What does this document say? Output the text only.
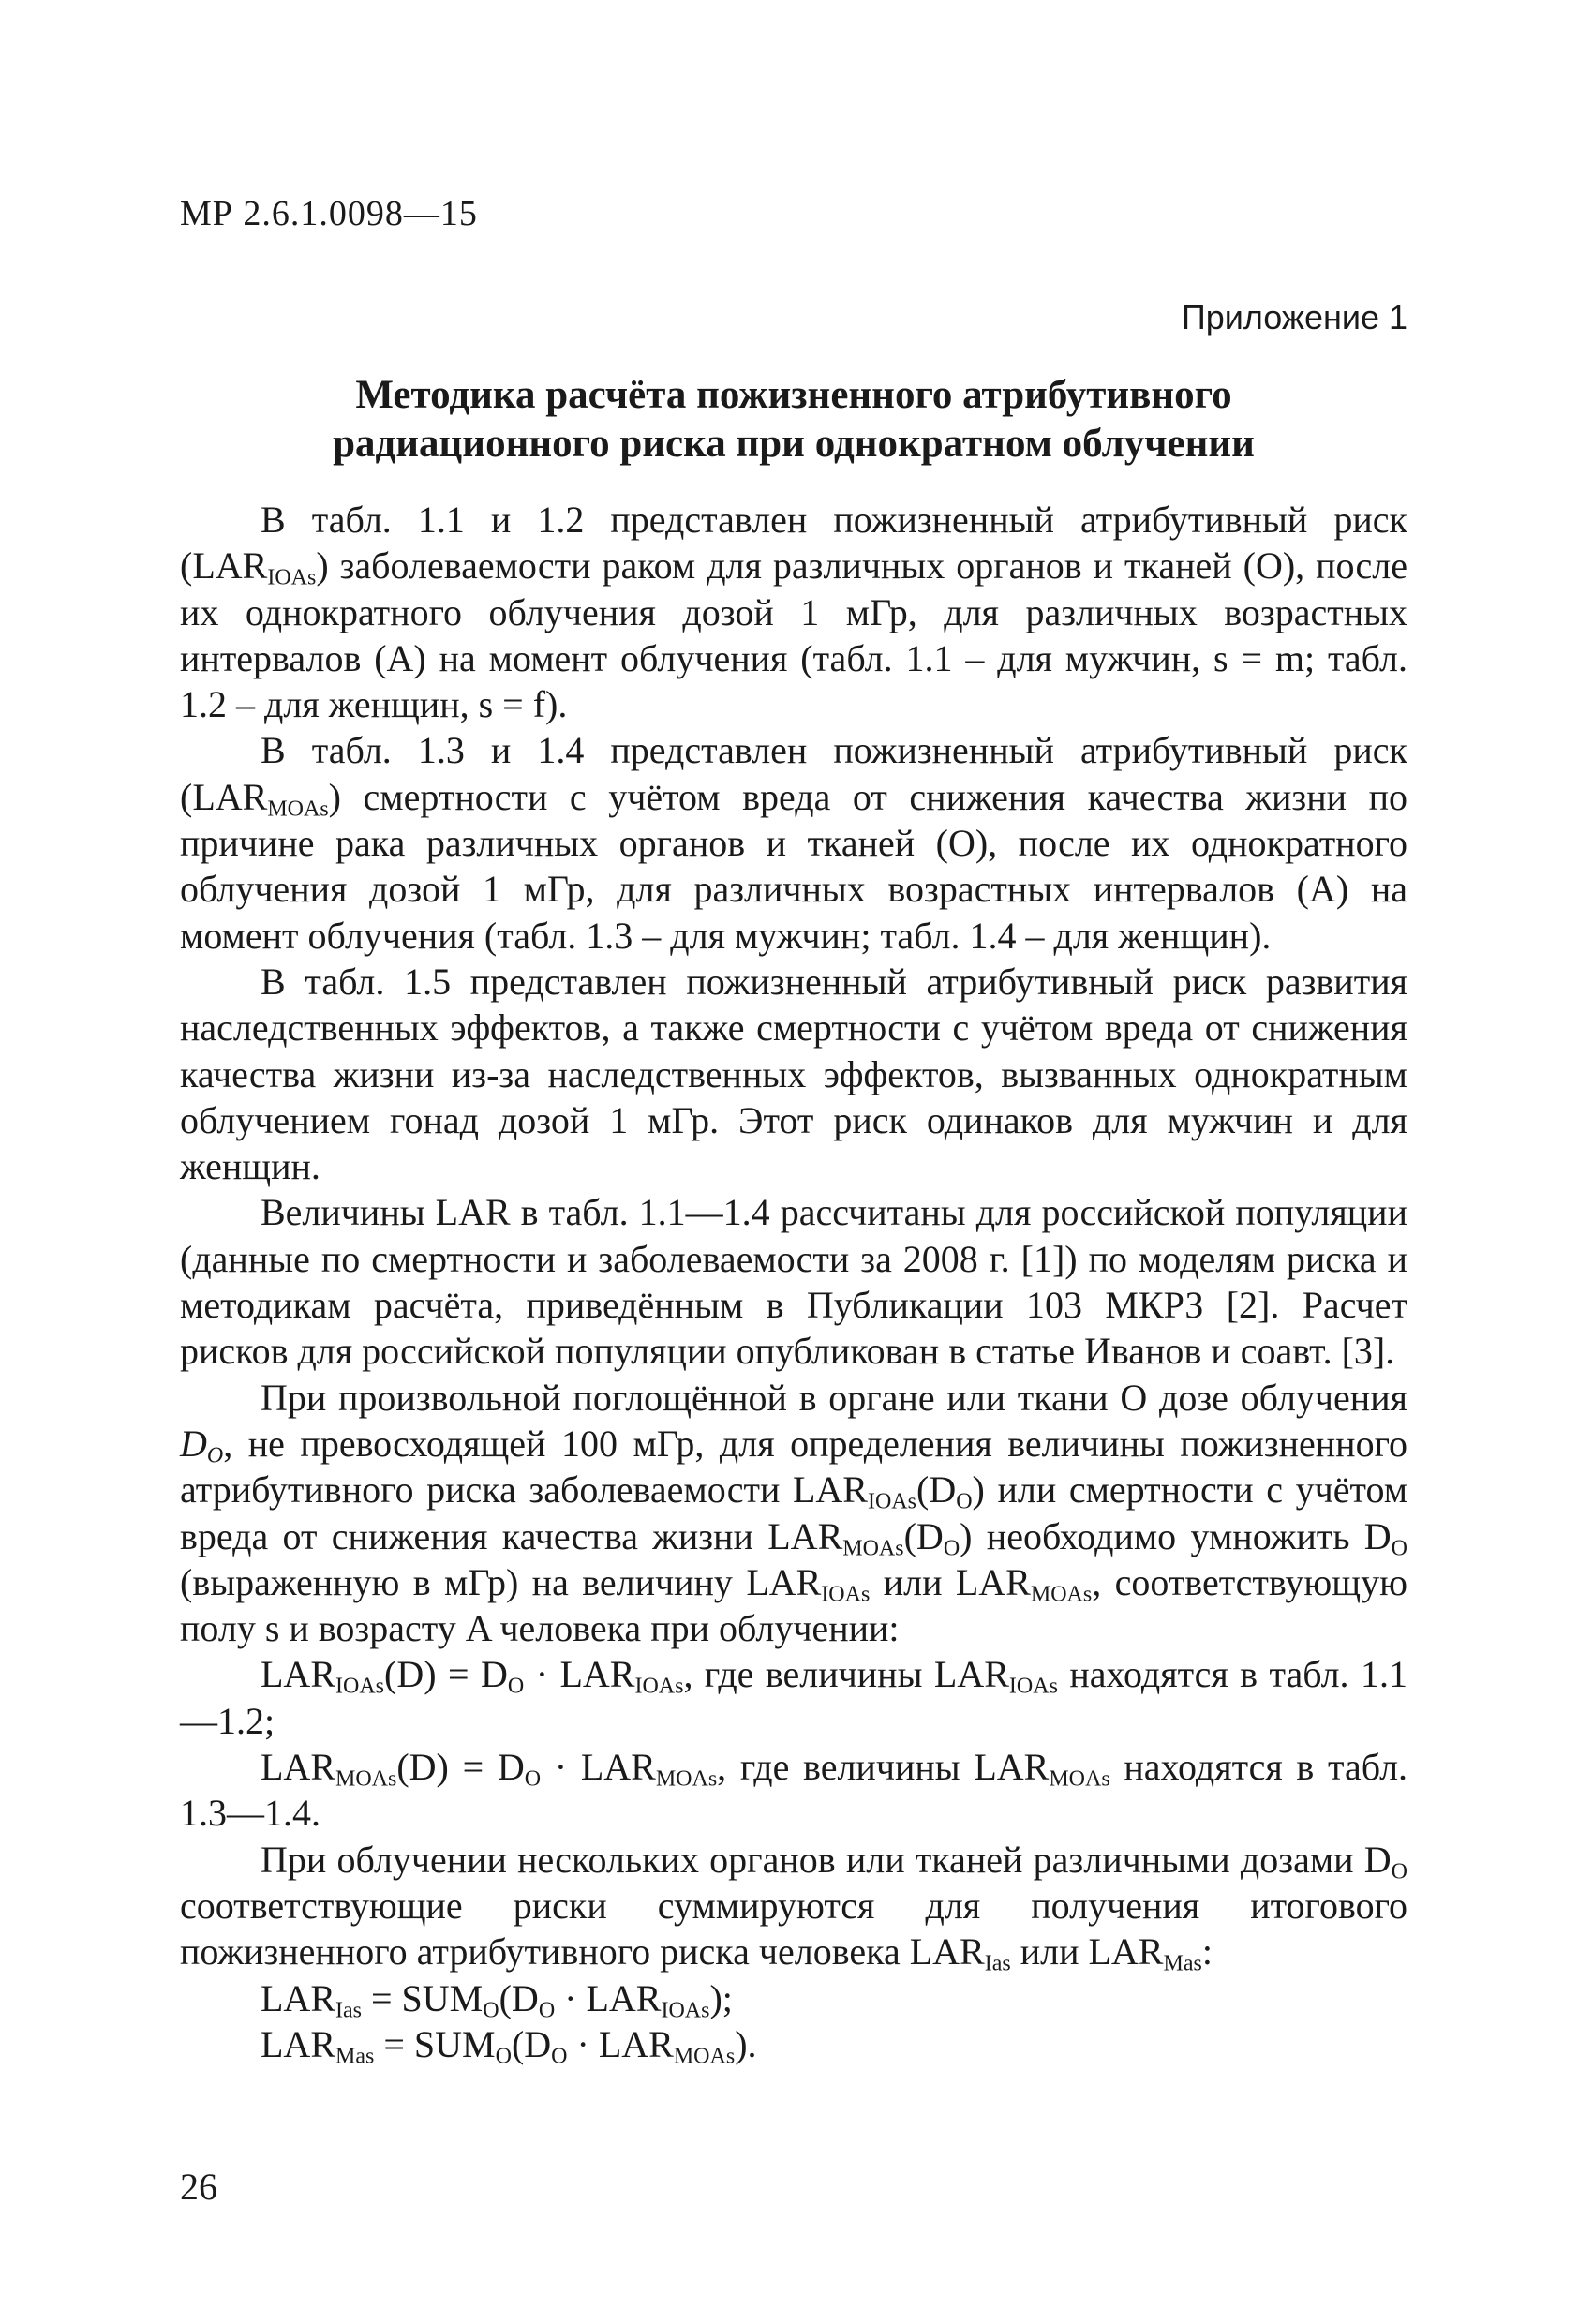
МР 2.6.1.0098—15
Приложение 1
Методика расчёта пожизненного атрибутивного
радиационного риска при однократном облучении

В табл. 1.1 и 1.2 представлен пожизненный атрибутивный риск $(LAR_{IOAs})$ заболеваемости раком для различных органов и тканей (O), после их однократного облучения дозой 1 мГр, для различных возрастных интервалов (A) на момент облучения (табл. 1.1 – для мужчин, s = m; табл. 1.2 – для женщин, s = f).

В табл. 1.3 и 1.4 представлен пожизненный атрибутивный риск $(LAR_{MOAs})$ смертности с учётом вреда от снижения качества жизни по причине рака различных органов и тканей (O), после их однократного облучения дозой 1 мГр, для различных возрастных интервалов (A) на момент облучения (табл. 1.3 – для мужчин; табл. 1.4 – для женщин).

В табл. 1.5 представлен пожизненный атрибутивный риск развития наследственных эффектов, а также смертности с учётом вреда от снижения качества жизни из-за наследственных эффектов, вызванных однократным облучением гонад дозой 1 мГр. Этот риск одинаков для мужчин и для женщин.

Величины LAR в табл. 1.1—1.4 рассчитаны для российской популяции (данные по смертности и заболеваемости за 2008 г. [1]) по моделям риска и методикам расчёта, приведённым в Публикации 103 МКРЗ [2]. Расчет рисков для российской популяции опубликован в статье Иванов и соавт. [3].

При произвольной поглощённой в органе или ткани O дозе облучения $D_O$, не превосходящей 100 мГр, для определения величины пожизненного атрибутивного риска заболеваемости $LAR_{IOAs}(D_O)$ или смертности с учётом вреда от снижения качества жизни $LAR_{MOAs}(D_O)$ необходимо умножить $D_O$ (выраженную в мГр) на величину $LAR_{IOAs}$ или $LAR_{MOAs}$, соответствующую полу s и возрасту A человека при облучении:

$LAR_{IOAs}(D) = D_O \cdot LAR_{IOAs}$, где величины $LAR_{IOAs}$ находятся в табл. 1.1—1.2;

$LAR_{MOAs}(D) = D_O \cdot LAR_{MOAs}$, где величины $LAR_{MOAs}$ находятся в табл. 1.3—1.4.

При облучении нескольких органов или тканей различными дозами $D_O$ соответствующие риски суммируются для получения итогового пожизненного атрибутивного риска человека $LAR_{Ias}$ или $LAR_{Mas}$:

$LAR_{Ias} = SUM_O(D_O \cdot LAR_{IOAs})$;

$LAR_{Mas} = SUM_O(D_O \cdot LAR_{MOAs})$.

26
